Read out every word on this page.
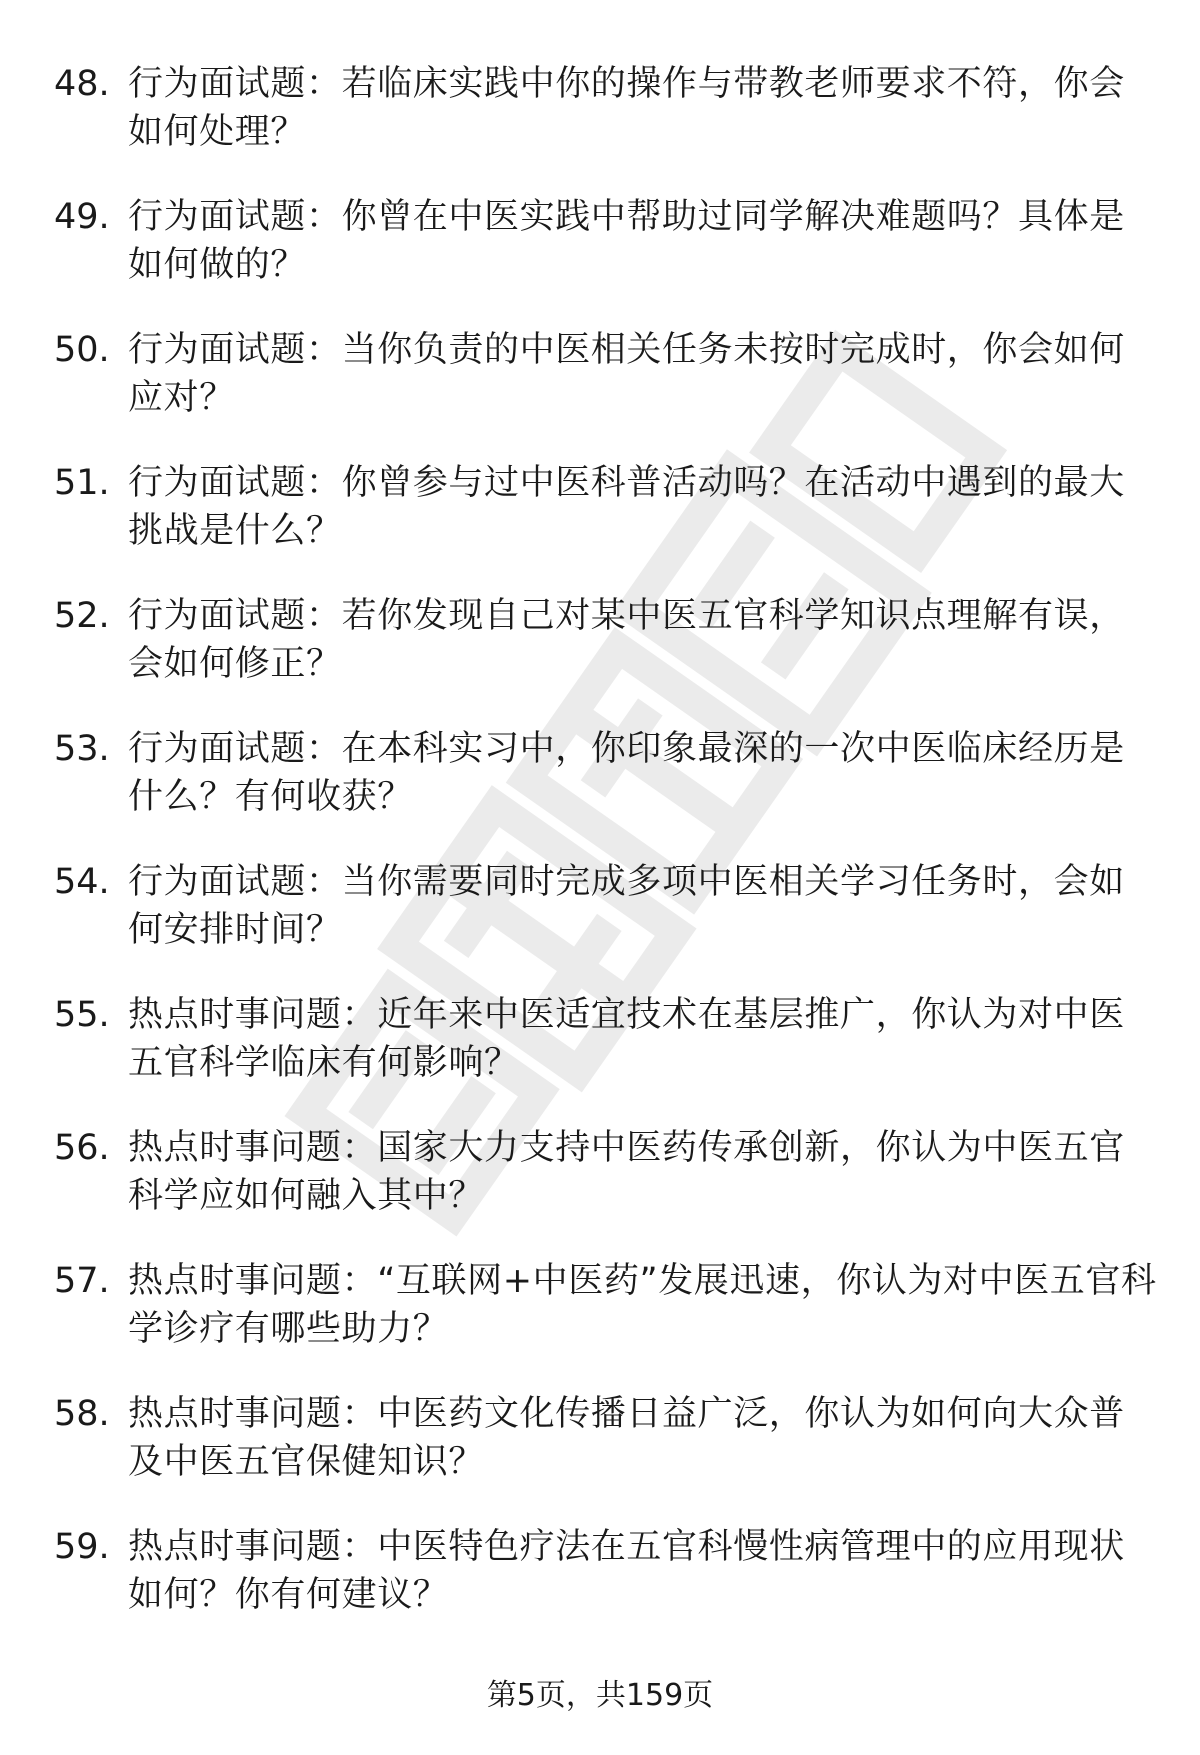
48. 行为面试题：若临床实践中你的操作与带教老师要求不符，你会如何处理？
49. 行为面试题：你曾在中医实践中帮助过同学解决难题吗？具体是如何做的？
50. 行为面试题：当你负责的中医相关任务未按时完成时，你会如何应对？
51. 行为面试题：你曾参与过中医科普活动吗？在活动中遇到的最大挑战是什么？
52. 行为面试题：若你发现自己对某中医五官科学知识点理解有误，会如何修正？
53. 行为面试题：在本科实习中，你印象最深的一次中医临床经历是什么？有何收获？
54. 行为面试题：当你需要同时完成多项中医相关学习任务时，会如何安排时间？
55. 热点时事问题：近年来中医适宜技术在基层推广，你认为对中医五官科学临床有何影响？
56. 热点时事问题：国家大力支持中医药传承创新，你认为中医五官科学应如何融入其中？
57. 热点时事问题：“互联网+中医药”发展迅速，你认为对中医五官科学诊疗有哪些助力？
58. 热点时事问题：中医药文化传播日益广泛，你认为如何向大众普及中医五官保健知识？
59. 热点时事问题：中医特色疗法在五官科慢性病管理中的应用现状如何？你有何建议？
第5页，共159页
